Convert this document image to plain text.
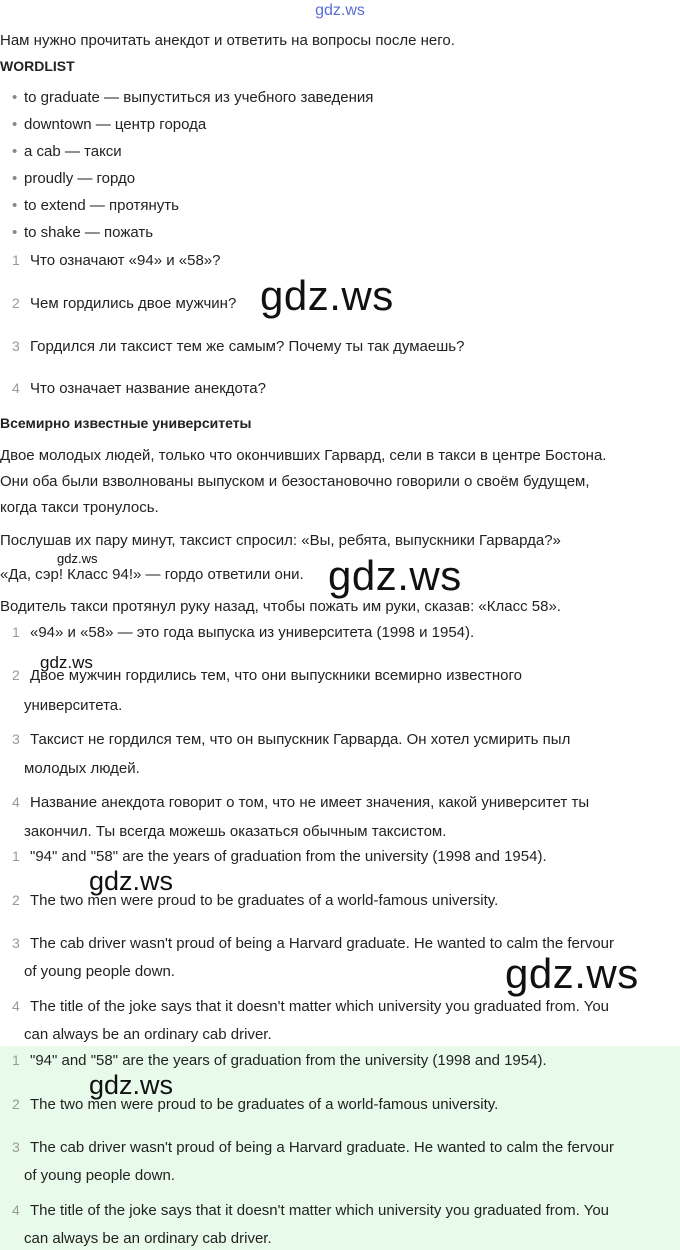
gdz.ws
Нам нужно прочитать анекдот и ответить на вопросы после него.
WORDLIST
• to graduate — выпуститься из учебного заведения
• downtown — центр города
• a cab — такси
• proudly — гордо
• to extend — протянуть
• to shake — пожать
1 Что означают «94» и «58»?
2 Чем гордились двое мужчин?
3 Гордился ли таксист тем же самым? Почему ты так думаешь?
4 Что означает название анекдота?
gdz.ws
Всемирно известные университеты
Двое молодых людей, только что окончивших Гарвард, сели в такси в центре Бостона.
Они оба были взволнованы выпуском и безостановочно говорили о своём будущем,
когда такси тронулось.
Послушав их пару минут, таксист спросил: «Вы, ребята, выпускники Гарварда?»
gdz.ws
«Да, сэр! Класс 94!» — гордо ответили они. gdz.ws
Водитель такси протянул руку назад, чтобы пожать им руки, сказав: «Класс 58».
1 «94» и «58» — это года выпуска из университета (1998 и 1954).
gdz.ws
2 Двое мужчин гордились тем, что они выпускники всемирно известного
университета.
3 Таксист не гордился тем, что он выпускник Гарварда. Он хотел усмирить пыл
молодых людей.
4 Название анекдота говорит о том, что не имеет значения, какой университет ты
закончил. Ты всегда можешь оказаться обычным таксистом.
1 "94" and "58" are the years of graduation from the university (1998 and 1954).
gdz.ws
2 The two men were proud to be graduates of a world-famous university.
3 The cab driver wasn't proud of being a Harvard graduate. He wanted to calm the fervour
of young people down.	gdz.ws
4 The title of the joke says that it doesn't matter which university you graduated from. You
can always be an ordinary cab driver.
1 "94" and "58" are the years of graduation from the university (1998 and 1954).
gdz.ws
2 The two men were proud to be graduates of a world-famous university.
3 The cab driver wasn't proud of being a Harvard graduate. He wanted to calm the fervour
of young people down.
4 The title of the joke says that it doesn't matter which university you graduated from. You
can always be an ordinary cab driver.
